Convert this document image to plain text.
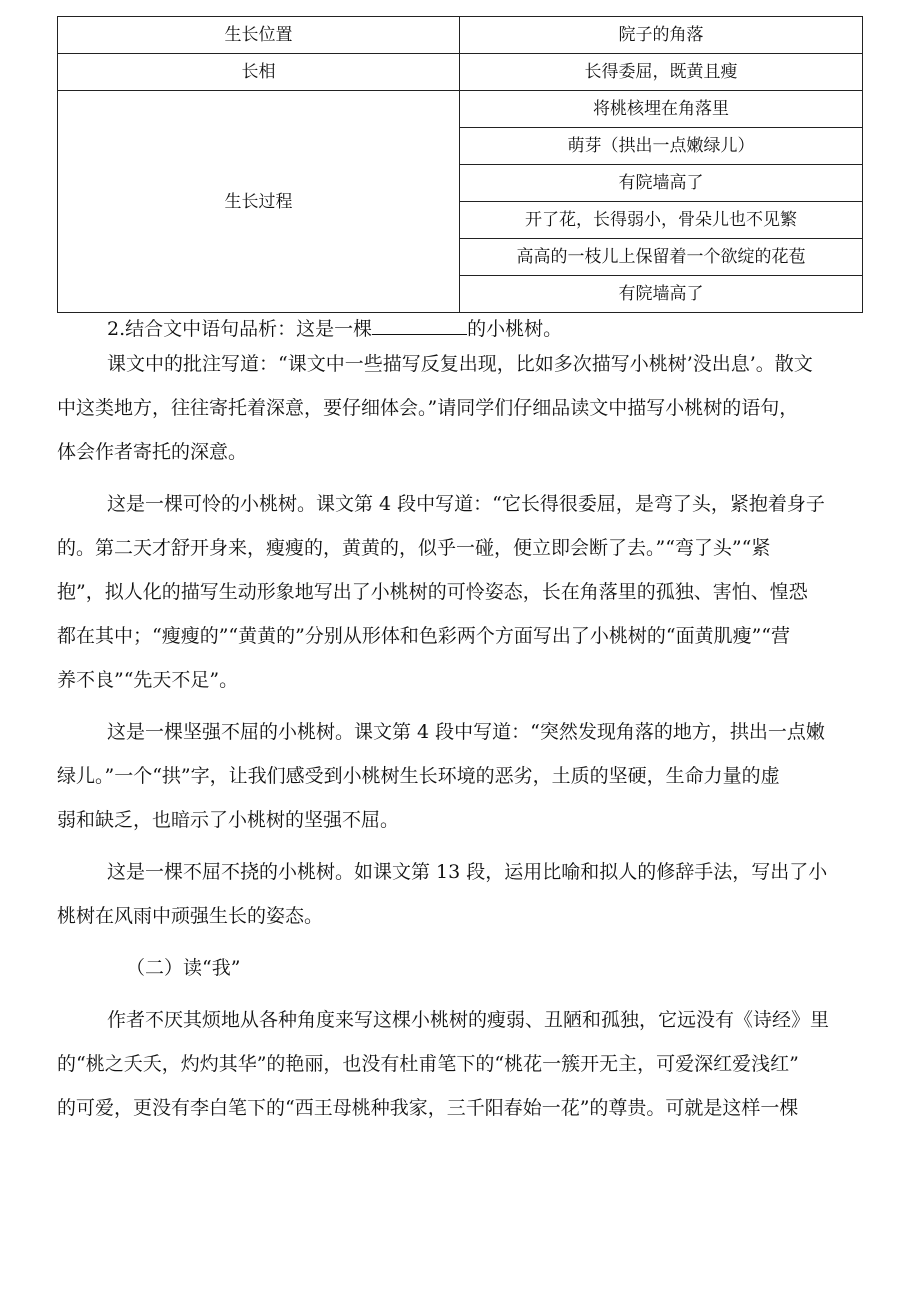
生长位置	院子的角落
长相	长得委屈，既黄且瘦
生长过程	将桃核埋在角落里
	萌芽（拱出一点嫩绿儿）
	有院墙高了
	开了花，长得弱小，骨朵儿也不见繁
	高高的一枝儿上保留着一个欲绽的花苞
	有院墙高了
2.结合文中语句品析：这是一棵	的小桃树。
课文中的批注写道：“课文中一些描写反复出现，比如多次描写小桃树’没出息’。散文
中这类地方，往往寄托着深意，要仔细体会。”请同学们仔细品读文中描写小桃树的语句，
体会作者寄托的深意。
这是一棵可怜的小桃树。课文第 4 段中写道：“它长得很委屈，是弯了头，紧抱着身子
的。第二天才舒开身来，瘦瘦的，黄黄的，似乎一碰，便立即会断了去。”“弯了头”“紧
抱”，拟人化的描写生动形象地写出了小桃树的可怜姿态，长在角落里的孤独、害怕、惶恐
都在其中；“瘦瘦的”“黄黄的”分别从形体和色彩两个方面写出了小桃树的“面黄肌瘦”“营
养不良”“先天不足”。
这是一棵坚强不屈的小桃树。课文第 4 段中写道：“突然发现角落的地方，拱出一点嫩
绿儿。”一个“拱”字，让我们感受到小桃树生长环境的恶劣，土质的坚硬，生命力量的虚
弱和缺乏，也暗示了小桃树的坚强不屈。
这是一棵不屈不挠的小桃树。如课文第 13 段，运用比喻和拟人的修辞手法，写出了小
桃树在风雨中顽强生长的姿态。
（二）读“我”
作者不厌其烦地从各种角度来写这棵小桃树的瘦弱、丑陋和孤独，它远没有《诗经》里
的“桃之夭夭，灼灼其华”的艳丽，也没有杜甫笔下的“桃花一簇开无主，可爱深红爱浅红”
的可爱，更没有李白笔下的“西王母桃种我家，三千阳春始一花”的尊贵。可就是这样一棵
